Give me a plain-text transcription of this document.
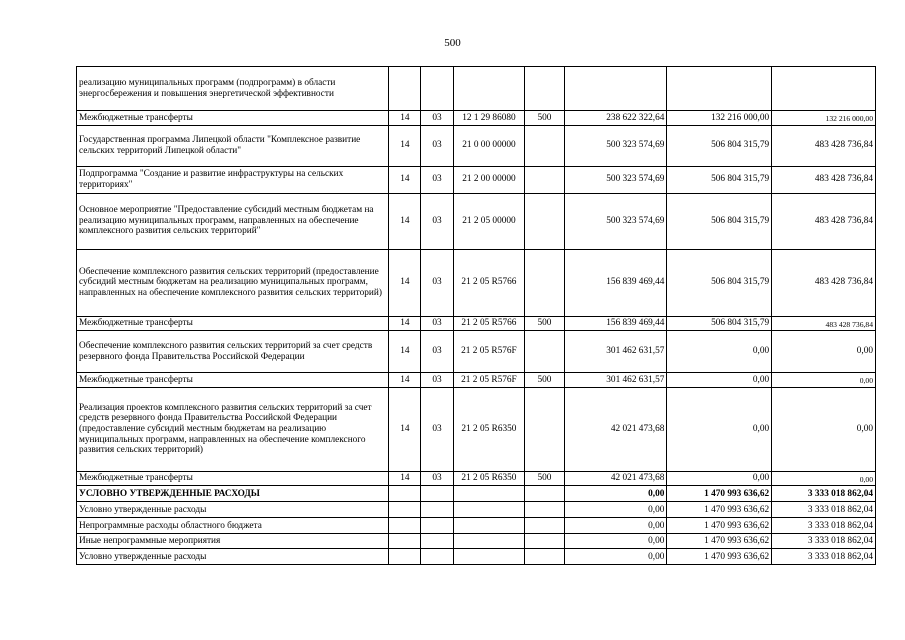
500
реализацию муниципальных программ (подпрограмм) в области энергосбережения и повышения энергетической эффективности							
Межбюджетные трансферты	14	03	12 1 29 86080	500	238 622 322,64	132 216 000,00	132 216 000,00
Государственная программа Липецкой области "Комплексное развитие сельских территорий Липецкой области"	14	03	21 0 00 00000		500 323 574,69	506 804 315,79	483 428 736,84
Подпрограмма "Создание и развитие инфраструктуры на сельских территориях"	14	03	21 2 00 00000		500 323 574,69	506 804 315,79	483 428 736,84
Основное мероприятие "Предоставление субсидий местным бюджетам на реализацию муниципальных программ, направленных на обеспечение комплексного развития сельских территорий"	14	03	21 2 05 00000		500 323 574,69	506 804 315,79	483 428 736,84
Обеспечение комплексного развития сельских территорий (предоставление субсидий местным бюджетам на реализацию муниципальных программ, направленных на обеспечение комплексного развития сельских территорий)	14	03	21 2 05 R5766		156 839 469,44	506 804 315,79	483 428 736,84
Межбюджетные трансферты	14	03	21 2 05 R5766	500	156 839 469,44	506 804 315,79	483 428 736,84
Обеспечение комплексного развития сельских территорий за счет средств резервного фонда Правительства Российской Федерации	14	03	21 2 05 R576F		301 462 631,57	0,00	0,00
Межбюджетные трансферты	14	03	21 2 05 R576F	500	301 462 631,57	0,00	0,00
Реализация проектов комплексного развития сельских территорий за счет средств резервного фонда Правительства Российской Федерации (предоставление субсидий местным бюджетам на реализацию муниципальных программ, направленных на обеспечение комплексного развития сельских территорий)	14	03	21 2 05 R6350		42 021 473,68	0,00	0,00
Межбюджетные трансферты	14	03	21 2 05 R6350	500	42 021 473,68	0,00	0,00
УСЛОВНО УТВЕРЖДЕННЫЕ РАСХОДЫ					0,00	1 470 993 636,62	3 333 018 862,04
Условно утвержденные расходы					0,00	1 470 993 636,62	3 333 018 862,04
Непрограммные расходы областного бюджета					0,00	1 470 993 636,62	3 333 018 862,04
Иные непрограммные мероприятия					0,00	1 470 993 636,62	3 333 018 862,04
Условно утвержденные расходы					0,00	1 470 993 636,62	3 333 018 862,04
